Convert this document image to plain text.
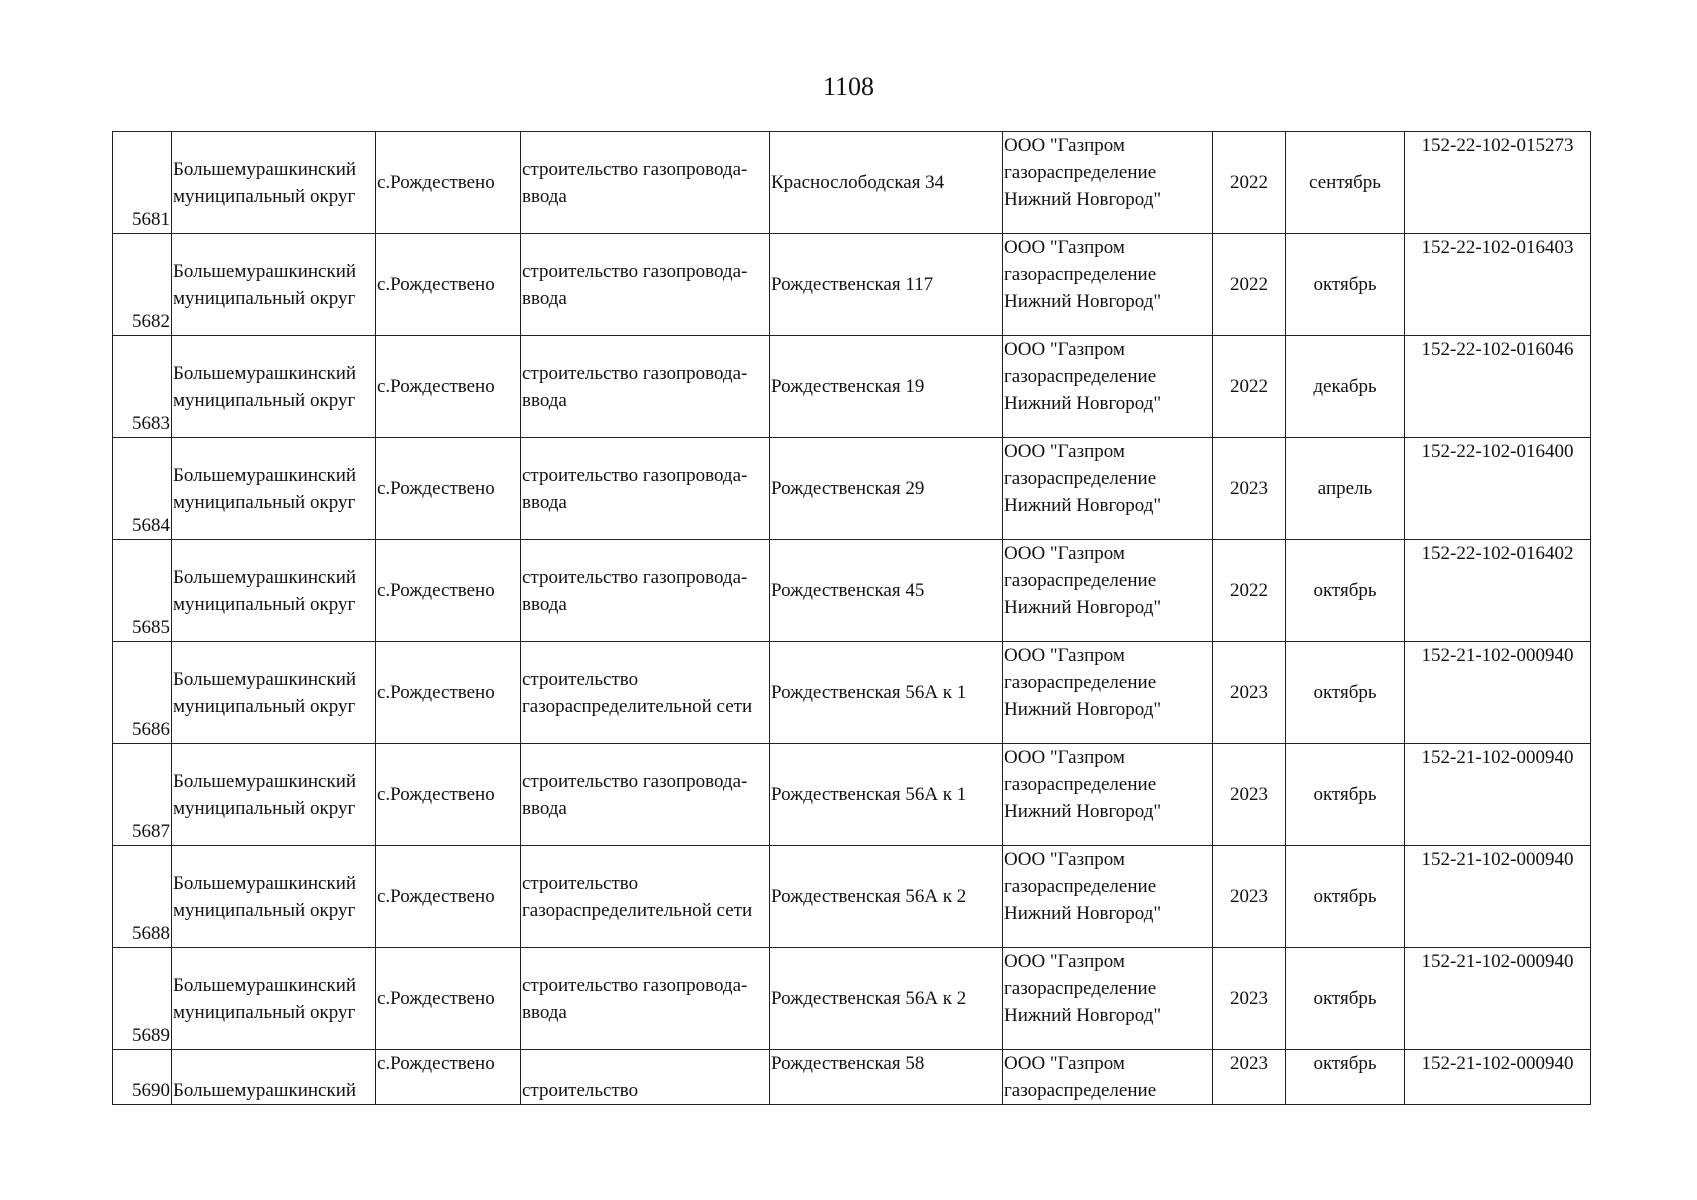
1108
5681	Большемурашкинский
муниципальный округ	с.Рождествено	строительство газопровода-
ввода	Краснослободская 34	ООО "Газпром
газораспределение
Нижний Новгород"	2022	сентябрь	152-22-102-015273
5682	Большемурашкинский
муниципальный округ	с.Рождествено	строительство газопровода-
ввода	Рождественская 117	ООО "Газпром
газораспределение
Нижний Новгород"	2022	октябрь	152-22-102-016403
5683	Большемурашкинский
муниципальный округ	с.Рождествено	строительство газопровода-
ввода	Рождественская 19	ООО "Газпром
газораспределение
Нижний Новгород"	2022	декабрь	152-22-102-016046
5684	Большемурашкинский
муниципальный округ	с.Рождествено	строительство газопровода-
ввода	Рождественская 29	ООО "Газпром
газораспределение
Нижний Новгород"	2023	апрель	152-22-102-016400
5685	Большемурашкинский
муниципальный округ	с.Рождествено	строительство газопровода-
ввода	Рождественская 45	ООО "Газпром
газораспределение
Нижний Новгород"	2022	октябрь	152-22-102-016402
5686	Большемурашкинский
муниципальный округ	с.Рождествено	строительство
газораспределительной сети	Рождественская 56А к 1	ООО "Газпром
газораспределение
Нижний Новгород"	2023	октябрь	152-21-102-000940
5687	Большемурашкинский
муниципальный округ	с.Рождествено	строительство газопровода-
ввода	Рождественская 56А к 1	ООО "Газпром
газораспределение
Нижний Новгород"	2023	октябрь	152-21-102-000940
5688	Большемурашкинский
муниципальный округ	с.Рождествено	строительство
газораспределительной сети	Рождественская 56А к 2	ООО "Газпром
газораспределение
Нижний Новгород"	2023	октябрь	152-21-102-000940
5689	Большемурашкинский
муниципальный округ	с.Рождествено	строительство газопровода-
ввода	Рождественская 56А к 2	ООО "Газпром
газораспределение
Нижний Новгород"	2023	октябрь	152-21-102-000940
5690	Большемурашкинский	с.Рождествено	строительство	Рождественская 58	ООО "Газпром
газораспределение	2023	октябрь	152-21-102-000940
